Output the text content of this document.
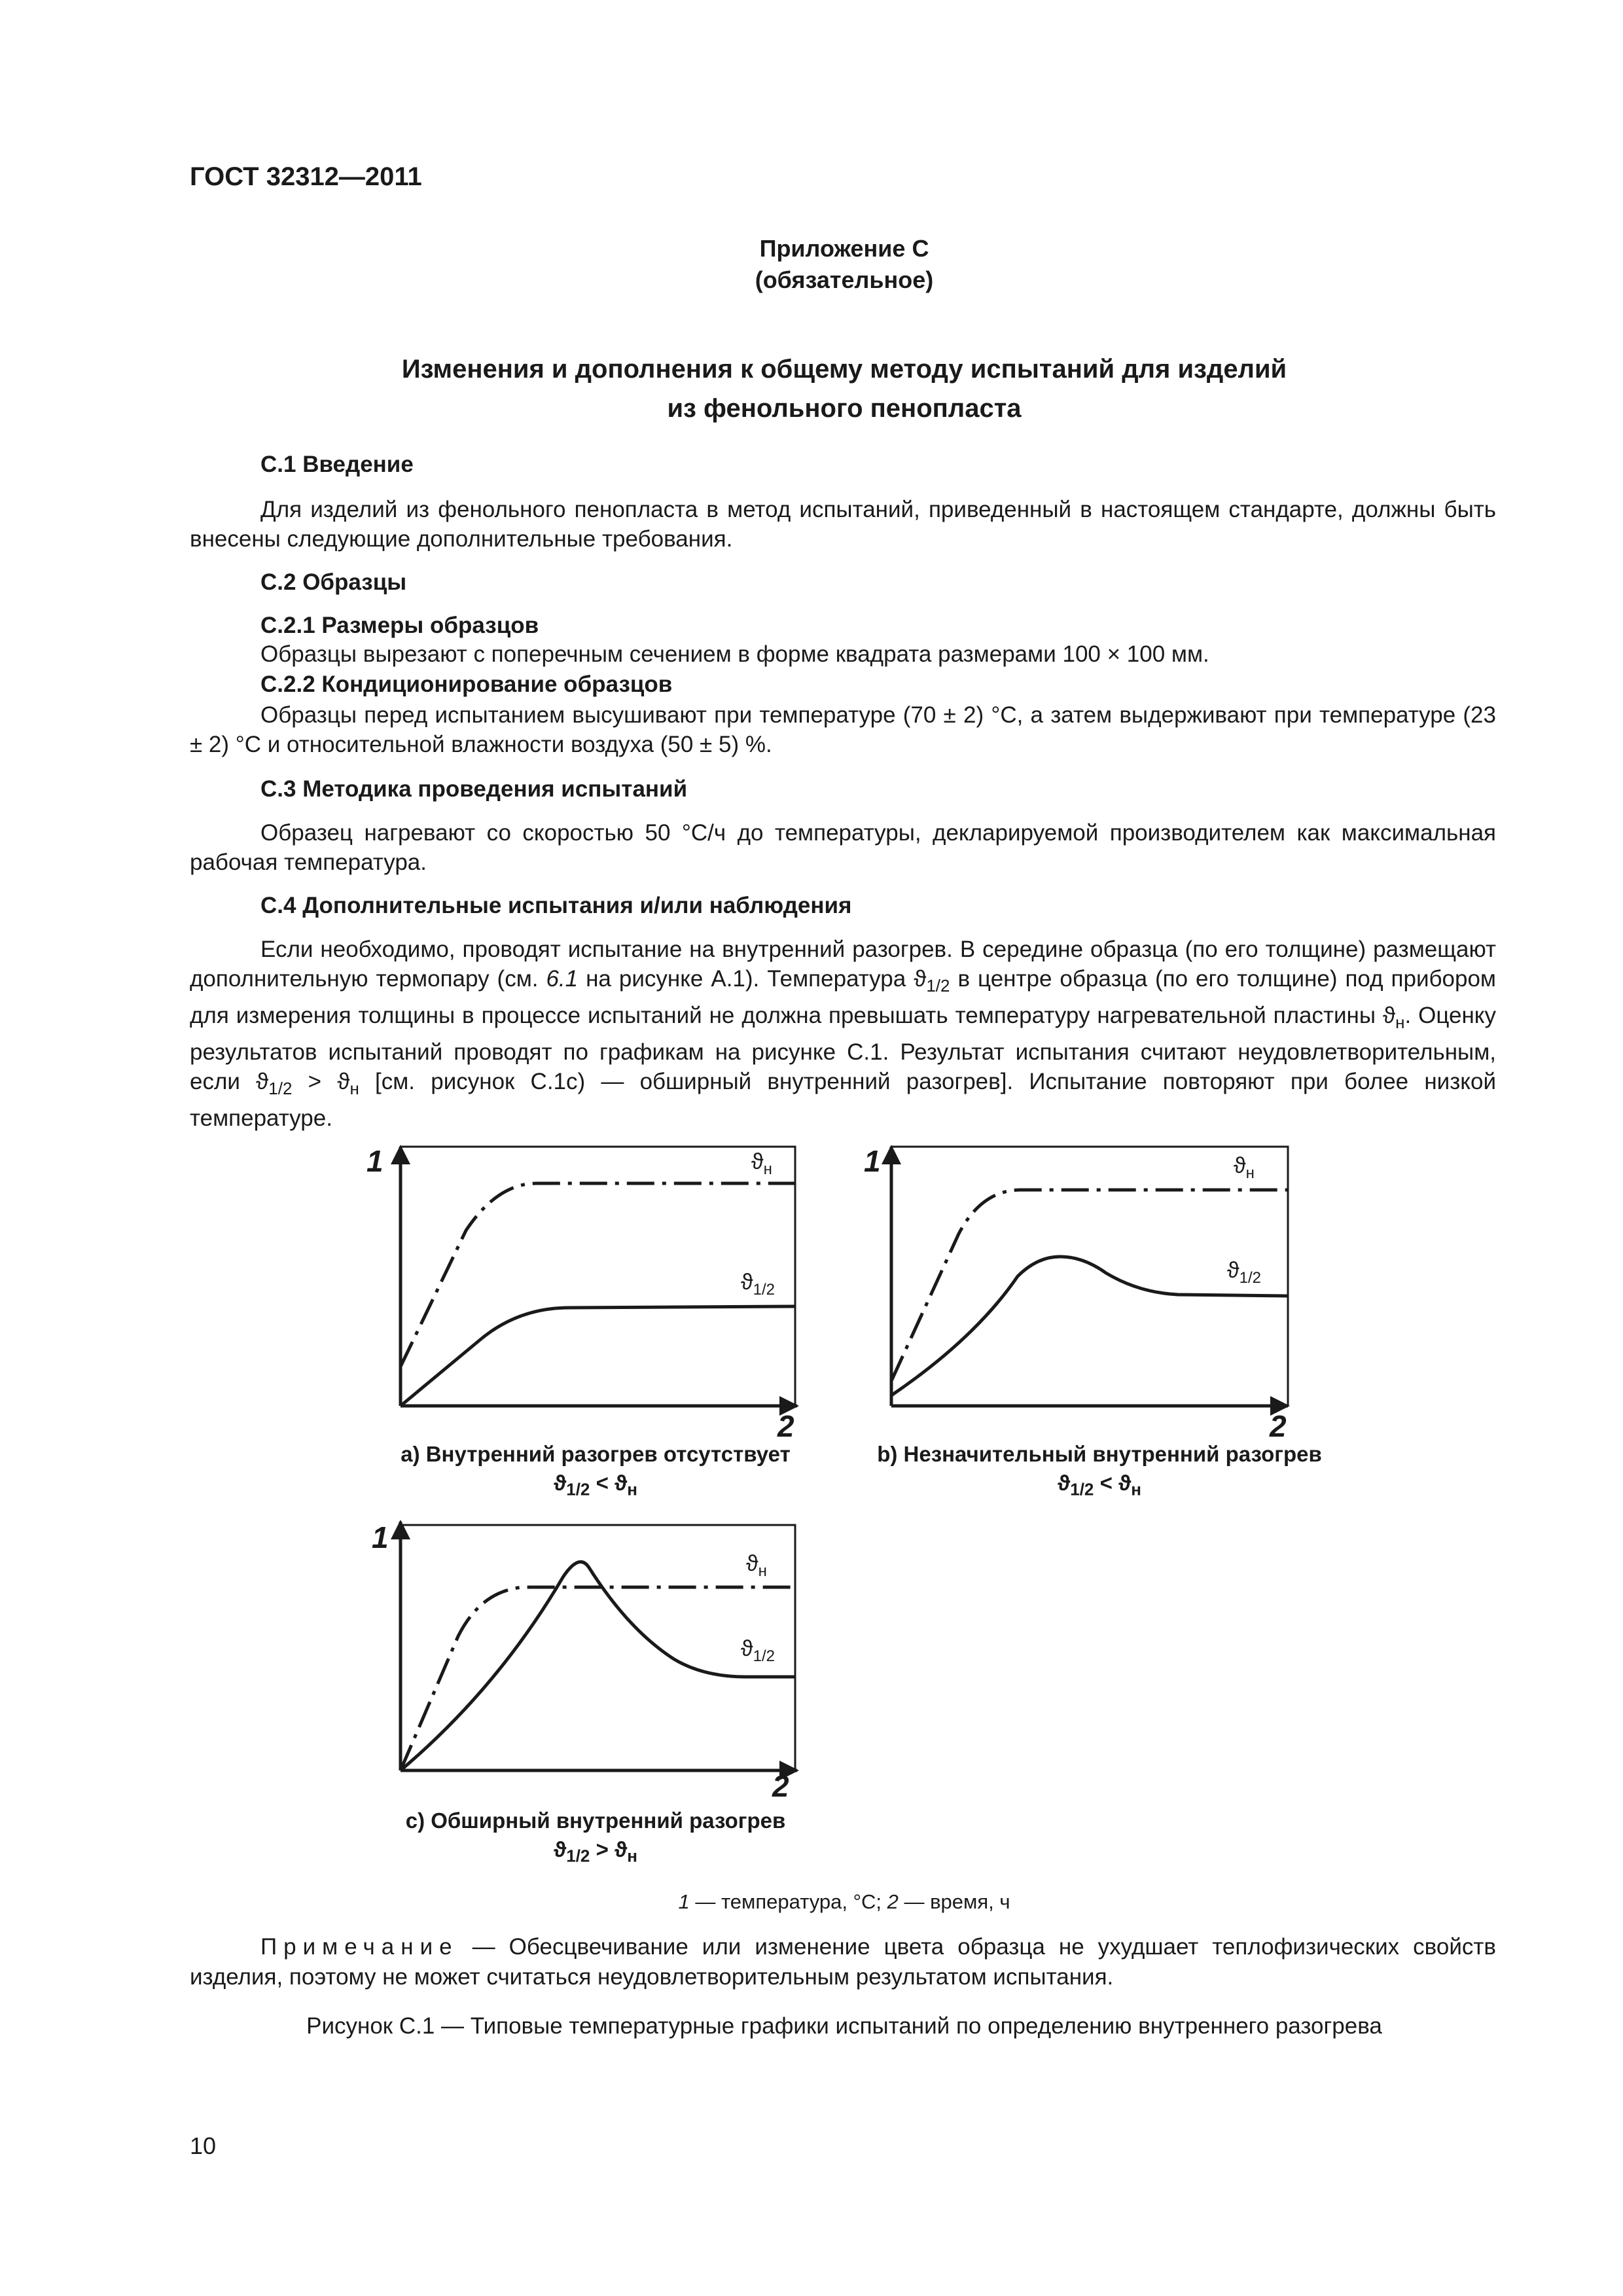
ГОСТ 32312—2011
Приложение С
(обязательное)
Изменения и дополнения к общему методу испытаний для изделий
из фенольного пенопласта
С.1 Введение

Для изделий из фенольного пенопласта в метод испытаний, приведенный в настоящем стандарте, должны быть внесены следующие дополнительные требования.

С.2 Образцы
С.2.1 Размеры образцов
Образцы вырезают с поперечным сечением в форме квадрата размерами 100 × 100 мм.
С.2.2 Кондиционирование образцов

Образцы перед испытанием высушивают при температуре (70 ± 2) °С, а затем выдерживают при температуре (23 ± 2) °С и относительной влажности воздуха (50 ± 5) %.

С.3 Методика проведения испытаний

Образец нагревают со скоростью 50 °С/ч до температуры, декларируемой производителем как максимальная рабочая температура.

С.4 Дополнительные испытания и/или наблюдения

Если необходимо, проводят испытание на внутренний разогрев. В середине образца (по его толщине) размещают дополнительную термопару (см. 6.1 на рисунке А.1). Температура $ϑ_{1/2}$ в центре образца (по его толщине) под прибором для измерения толщины в процессе испытаний не должна превышать температуру нагревательной пластины $ϑ_н$. Оценку результатов испытаний проводят по графикам на рисунке С.1. Результат испытания считают неудовлетворительным, если $ϑ_{1/2} > ϑ_н$ [см. рисунок С.1с) — обширный внутренний разогрев]. Испытание повторяют при более низкой температуре.

1
2
1
2
1
2
$ϑ_н$
$ϑ_{1/2}$
$ϑ_н$
$ϑ_{1/2}$
$ϑ_н$
$ϑ_{1/2}$
a) Внутренний разогрев отсутствует
$ϑ_{1/2} < ϑ_н$
b) Незначительный внутренний разогрев
$ϑ_{1/2} < ϑ_н$
c) Обширный внутренний разогрев
$ϑ_{1/2} > ϑ_н$
1 — температура, °С; 2 — время, ч

Примечание — Обесцвечивание или изменение цвета образца не ухудшает теплофизических свойств изделия, поэтому не может считаться неудовлетворительным результатом испытания.

Рисунок С.1 — Типовые температурные графики испытаний по определению внутреннего разогрева
10
